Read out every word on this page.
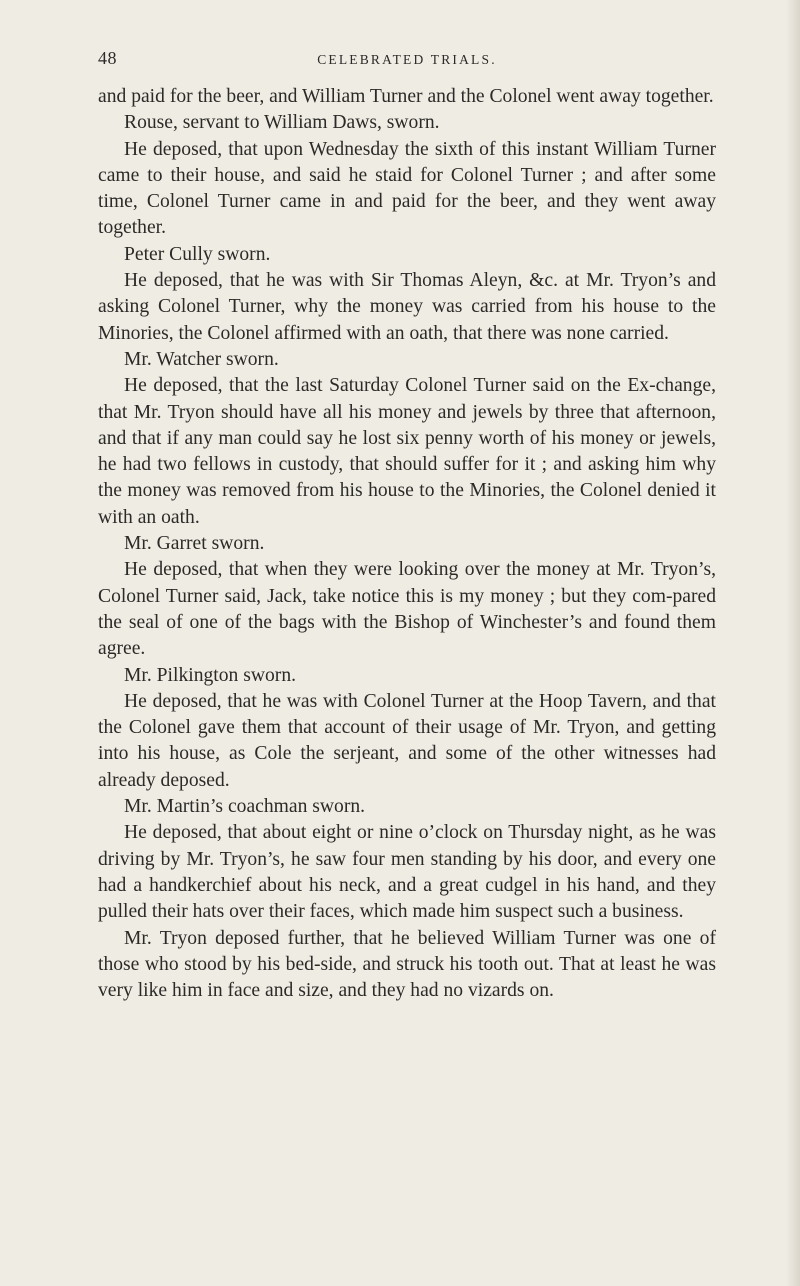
48	CELEBRATED TRIALS.

and paid for the beer, and William Turner and the Colonel went away together.

Rouse, servant to William Daws, sworn.

He deposed, that upon Wednesday the sixth of this instant William Turner came to their house, and said he staid for Colonel Turner ; and after some time, Colonel Turner came in and paid for the beer, and they went away together.

Peter Cully sworn.

He deposed, that he was with Sir Thomas Aleyn, &c. at Mr. Tryon’s and asking Colonel Turner, why the money was carried from his house to the Minories, the Colonel affirmed with an oath, that there was none carried.

Mr. Watcher sworn.

He deposed, that the last Saturday Colonel Turner said on the Ex-change, that Mr. Tryon should have all his money and jewels by three that afternoon, and that if any man could say he lost six penny worth of his money or jewels, he had two fellows in custody, that should suffer for it ; and asking him why the money was removed from his house to the Minories, the Colonel denied it with an oath.

Mr. Garret sworn.

He deposed, that when they were looking over the money at Mr. Tryon’s, Colonel Turner said, Jack, take notice this is my money ; but they com-pared the seal of one of the bags with the Bishop of Winchester’s and found them agree.

Mr. Pilkington sworn.

He deposed, that he was with Colonel Turner at the Hoop Tavern, and that the Colonel gave them that account of their usage of Mr. Tryon, and getting into his house, as Cole the serjeant, and some of the other witnesses had already deposed.

Mr. Martin’s coachman sworn.

He deposed, that about eight or nine o’clock on Thursday night, as he was driving by Mr. Tryon’s, he saw four men standing by his door, and every one had a handkerchief about his neck, and a great cudgel in his hand, and they pulled their hats over their faces, which made him suspect such a business.

Mr. Tryon deposed further, that he believed William Turner was one of those who stood by his bed-side, and struck his tooth out. That at least he was very like him in face and size, and they had no vizards on.
